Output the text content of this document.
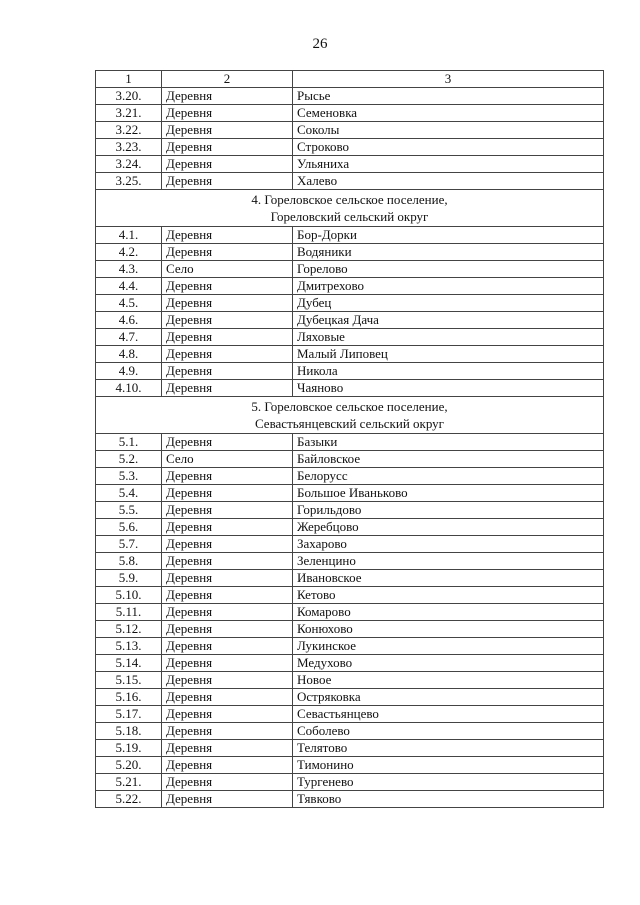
26
1	2	3
3.20.	Деревня	Рысье
3.21.	Деревня	Семеновка
3.22.	Деревня	Соколы
3.23.	Деревня	Строково
3.24.	Деревня	Ульяниха
3.25.	Деревня	Халево

4. Гореловское сельское поселение,
Гореловский сельский округ		

4.1.	Деревня	Бор-Дорки
4.2.	Деревня	Водяники
4.3.	Село	Горелово
4.4.	Деревня	Дмитрехово
4.5.	Деревня	Дубец
4.6.	Деревня	Дубецкая Дача
4.7.	Деревня	Ляховые
4.8.	Деревня	Малый Липовец
4.9.	Деревня	Никола
4.10.	Деревня	Чаяново

5. Гореловское сельское поселение,
Севастьянцевский сельский округ		

5.1.	Деревня	Базыки
5.2.	Село	Байловское
5.3.	Деревня	Белорусс
5.4.	Деревня	Большое Иваньково
5.5.	Деревня	Горильдово
5.6.	Деревня	Жеребцово
5.7.	Деревня	Захарово
5.8.	Деревня	Зеленцино
5.9.	Деревня	Ивановское
5.10.	Деревня	Кетово
5.11.	Деревня	Комарово
5.12.	Деревня	Конюхово
5.13.	Деревня	Лукинское
5.14.	Деревня	Медухово
5.15.	Деревня	Новое
5.16.	Деревня	Остряковка
5.17.	Деревня	Севастьянцево
5.18.	Деревня	Соболево
5.19.	Деревня	Телятово
5.20.	Деревня	Тимонино
5.21.	Деревня	Тургенево
5.22.	Деревня	Тявково
